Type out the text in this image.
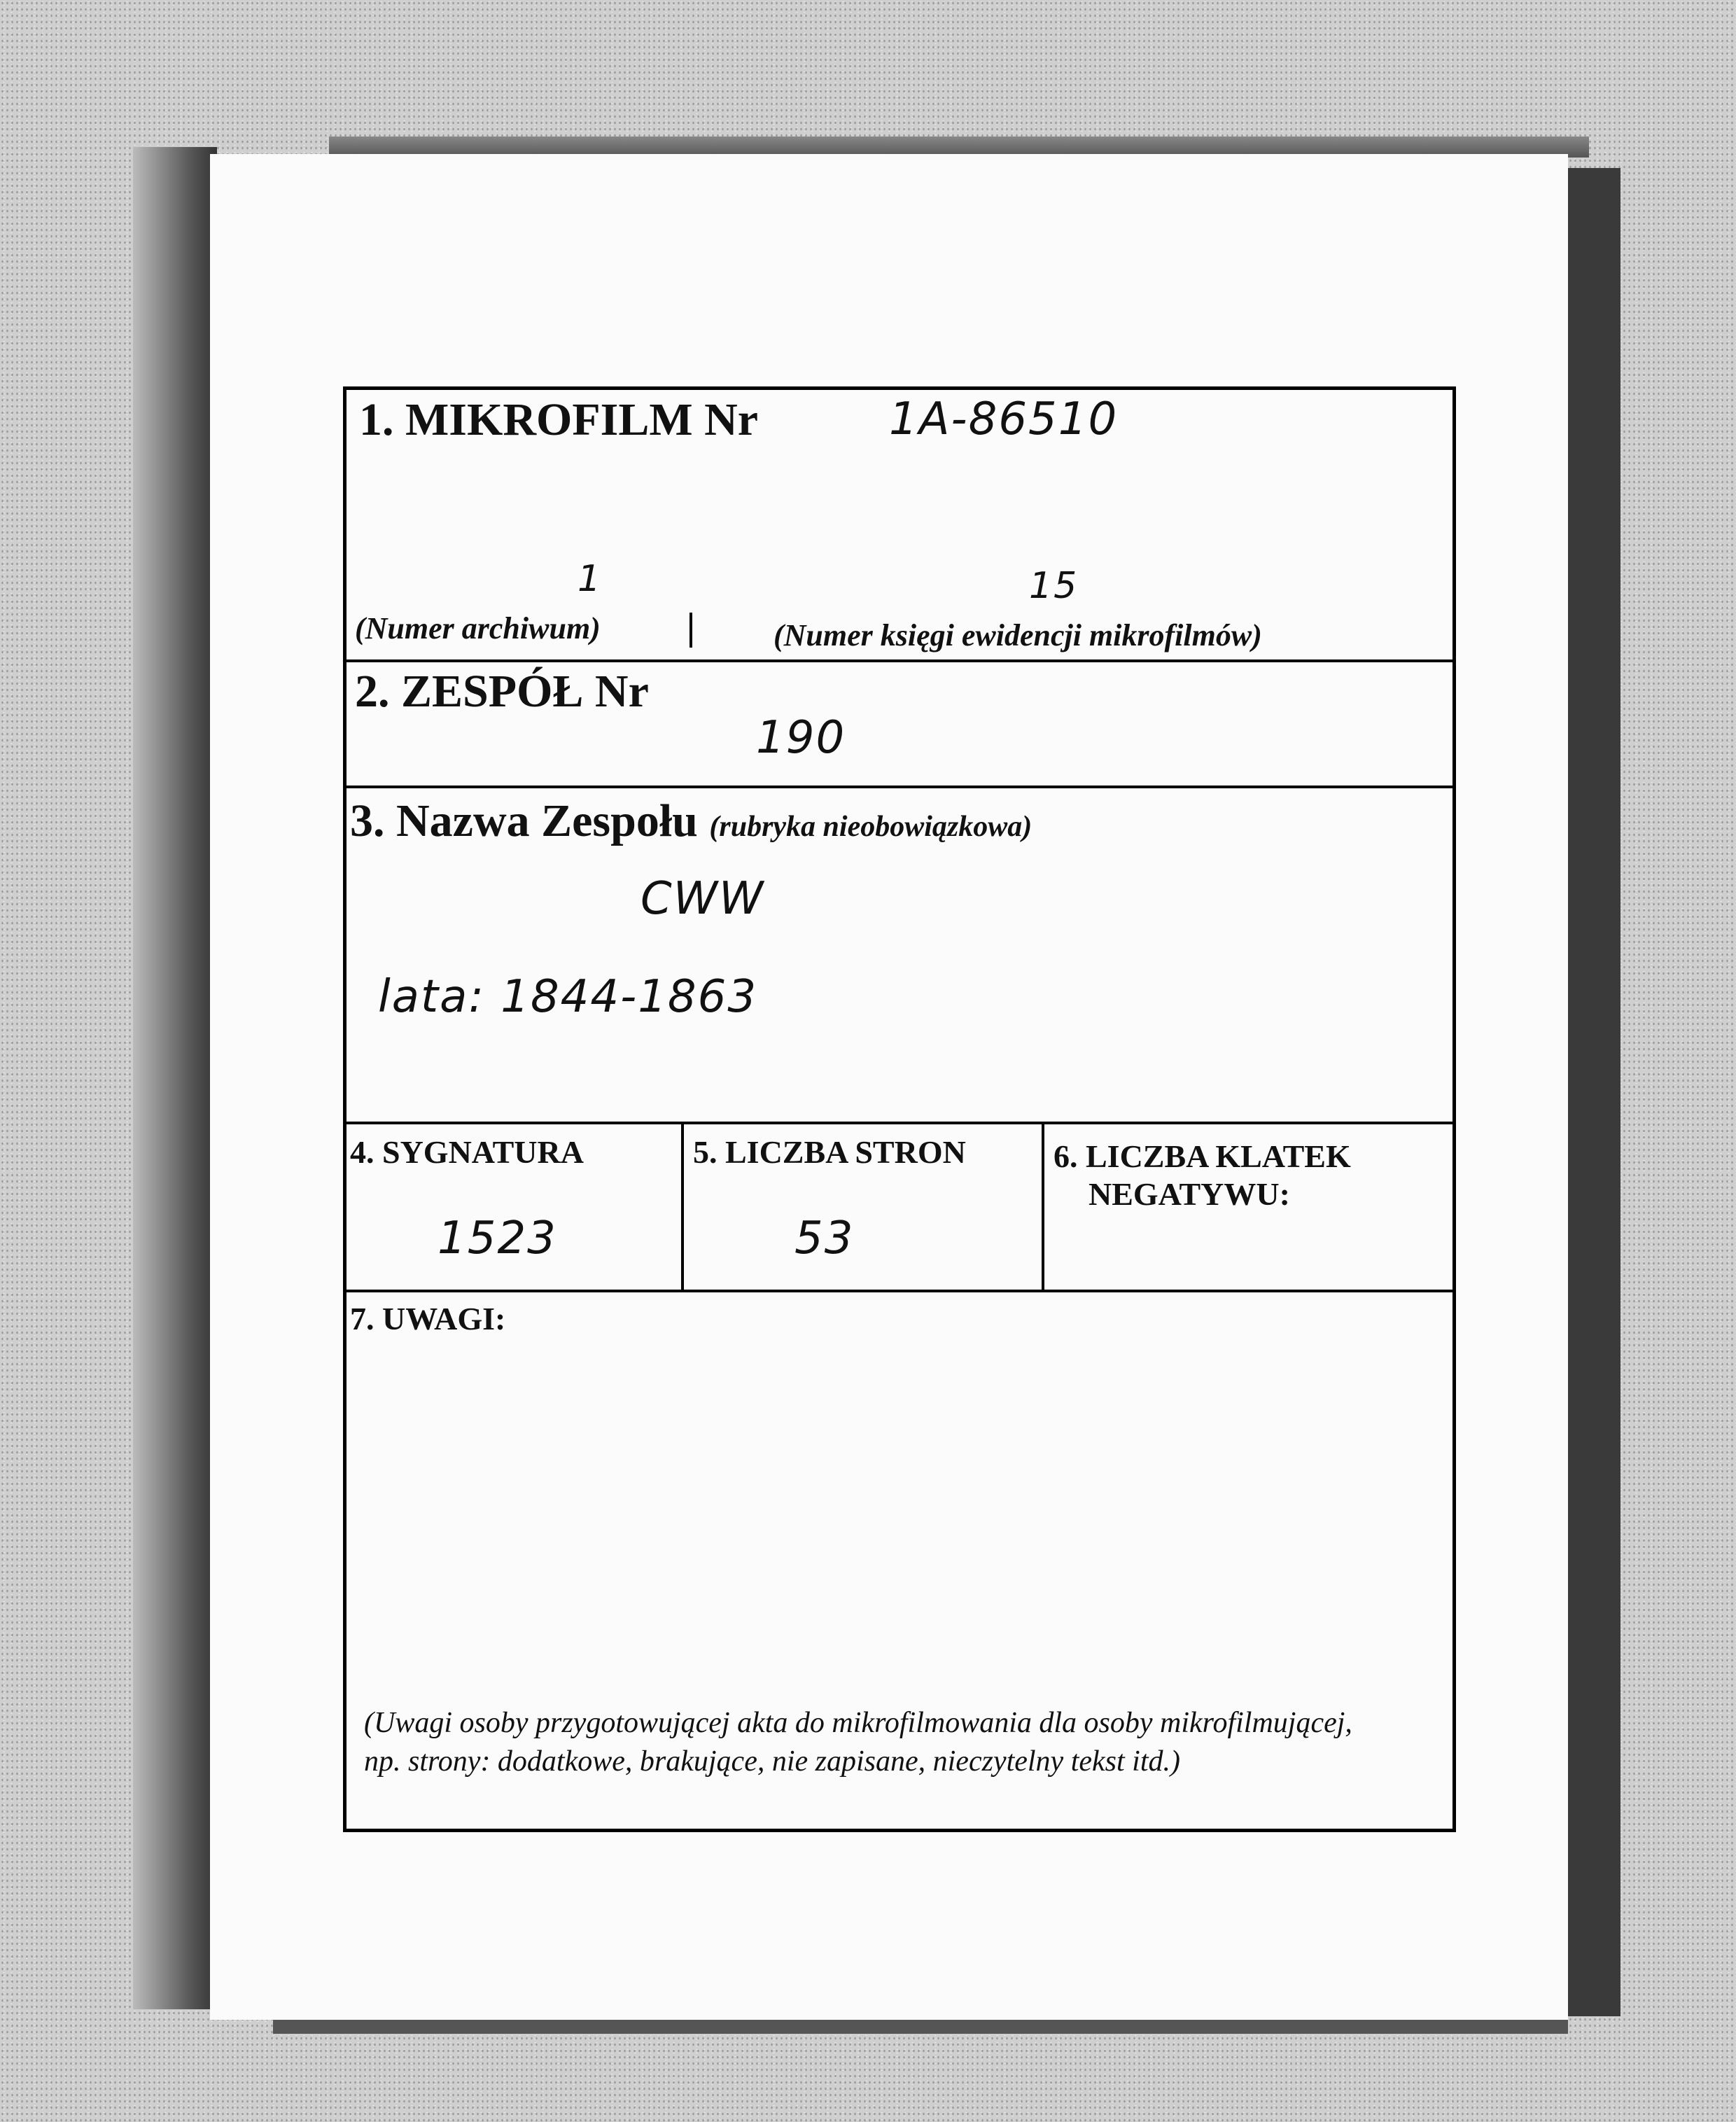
1. MIKROFILM Nr	1A-86510
1
(Numer archiwum)
15
(Numer księgi ewidencji mikrofilmów)
2. ZESPÓŁ Nr
190
3. Nazwa Zespołu (rubryka nieobowiązkowa)
CWW
lata: 1844-1863
4. SYGNATURA
1523
5. LICZBA STRON
53
6. LICZBA KLATEK
NEGATYWU:
7. UWAGI:
(Uwagi osoby przygotowującej akta do mikrofilmowania dla osoby mikrofilmującej,
np. strony: dodatkowe, brakujące, nie zapisane, nieczytelny tekst itd.)
